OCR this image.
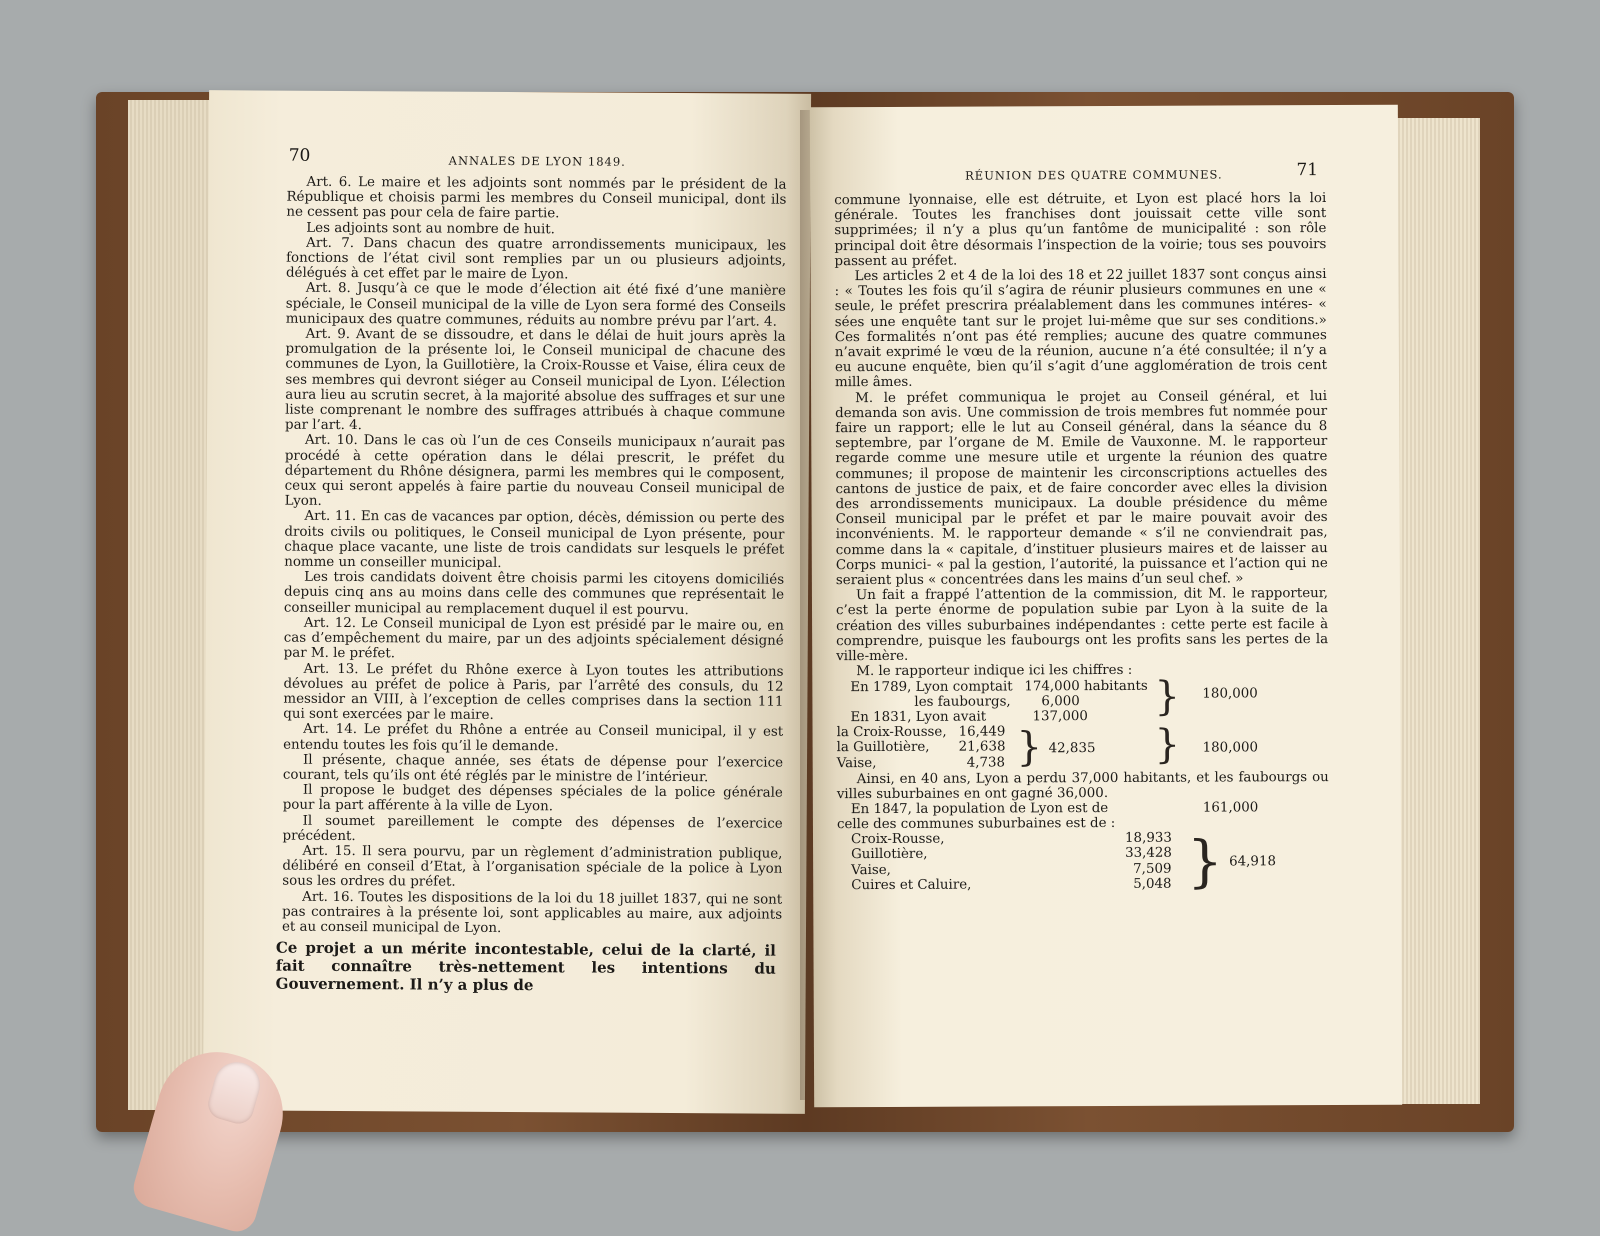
70	ANNALES DE LYON 1849.

Art. 6. Le maire et les adjoints sont nommés par le président de la République et choisis parmi les membres du Conseil municipal, dont ils ne cessent pas pour cela de faire partie.

Les adjoints sont au nombre de huit.

Art. 7. Dans chacun des quatre arrondissements municipaux, les fonctions de l’état civil sont remplies par un ou plusieurs adjoints, délégués à cet effet par le maire de Lyon.

Art. 8. Jusqu’à ce que le mode d’élection ait été fixé d’une manière spéciale, le Conseil municipal de la ville de Lyon sera formé des Conseils municipaux des quatre communes, réduits au nombre prévu par l’art. 4.

Art. 9. Avant de se dissoudre, et dans le délai de huit jours après la promulgation de la présente loi, le Conseil municipal de chacune des communes de Lyon, la Guillotière, la Croix-Rousse et Vaise, élira ceux de ses membres qui devront siéger au Conseil municipal de Lyon. L’élection aura lieu au scrutin secret, à la majorité absolue des suffrages et sur une liste comprenant le nombre des suffrages attribués à chaque commune par l’art. 4.

Art. 10. Dans le cas où l’un de ces Conseils municipaux n’aurait pas procédé à cette opération dans le délai prescrit, le préfet du département du Rhône désignera, parmi les membres qui le composent, ceux qui seront appelés à faire partie du nouveau Conseil municipal de Lyon.

Art. 11. En cas de vacances par option, décès, démission ou perte des droits civils ou politiques, le Conseil municipal de Lyon présente, pour chaque place vacante, une liste de trois candidats sur lesquels le préfet nomme un conseiller municipal.

Les trois candidats doivent être choisis parmi les citoyens domiciliés depuis cinq ans au moins dans celle des communes que représentait le conseiller municipal au remplacement duquel il est pourvu.

Art. 12. Le Conseil municipal de Lyon est présidé par le maire ou, en cas d’empêchement du maire, par un des adjoints spécialement désigné par M. le préfet.

Art. 13. Le préfet du Rhône exerce à Lyon toutes les attributions dévolues au préfet de police à Paris, par l’arrêté des consuls, du 12 messidor an VIII, à l’exception de celles comprises dans la section 111 qui sont exercées par le maire.

Art. 14. Le préfet du Rhône a entrée au Conseil municipal, il y est entendu toutes les fois qu’il le demande.

Il présente, chaque année, ses états de dépense pour l’exercice courant, tels qu’ils ont été réglés par le ministre de l’intérieur.

Il propose le budget des dépenses spéciales de la police générale pour la part afférente à la ville de Lyon.

Il soumet pareillement le compte des dépenses de l’exercice précédent.

Art. 15. Il sera pourvu, par un règlement d’administration publique, délibéré en conseil d’Etat, à l’organisation spéciale de la police à Lyon sous les ordres du préfet.

Art. 16. Toutes les dispositions de la loi du 18 juillet 1837, qui ne sont pas contraires à la présente loi, sont applicables au maire, aux adjoints et au conseil municipal de Lyon.

Ce projet a un mérite incontestable, celui de la clarté, il fait connaître très-nettement les intentions du Gouvernement. Il n’y a plus de
RÉUNION DES QUATRE COMMUNES.	71

commune lyonnaise, elle est détruite, et Lyon est placé hors la loi générale. Toutes les franchises dont jouissait cette ville sont supprimées; il n’y a plus qu’un fantôme de municipalité : son rôle principal doit être désormais l’inspection de la voirie; tous ses pouvoirs passent au préfet.

Les articles 2 et 4 de la loi des 18 et 22 juillet 1837 sont conçus ainsi : « Toutes les fois qu’il s’agira de réunir plusieurs communes en une « seule, le préfet prescrira préalablement dans les communes intéres- « sées une enquête tant sur le projet lui-même que sur ses conditions.» Ces formalités n’ont pas été remplies; aucune des quatre communes n’avait exprimé le vœu de la réunion, aucune n’a été consultée; il n’y a eu aucune enquête, bien qu’il s’agit d’une agglomération de trois cent mille âmes.

M. le préfet communiqua le projet au Conseil général, et lui demanda son avis. Une commission de trois membres fut nommée pour faire un rapport; elle le lut au Conseil général, dans la séance du 8 septembre, par l’organe de M. Emile de Vauxonne. M. le rapporteur regarde comme une mesure utile et urgente la réunion des quatre communes; il propose de maintenir les circonscriptions actuelles des cantons de justice de paix, et de faire concorder avec elles la division des arrondissements municipaux. La double présidence du même Conseil municipal par le préfet et par le maire pouvait avoir des inconvénients. M. le rapporteur demande « s’il ne conviendrait pas, comme dans la « capitale, d’instituer plusieurs maires et de laisser au Corps munici- « pal la gestion, l’autorité, la puissance et l’action qui ne seraient plus « concentrées dans les mains d’un seul chef. »

Un fait a frappé l’attention de la commission, dit M. le rapporteur, c’est la perte énorme de population subie par Lyon à la suite de la création des villes suburbaines indépendantes : cette perte est facile à comprendre, puisque les faubourgs ont les profits sans les pertes de la ville-mère.

M. le rapporteur indique ici les chiffres :

En 1789, Lyon comptait 174,000 habitants
les faubourgs, 6,000 } 180,000
En 1831, Lyon avait	137,000
la Croix-Rousse, 16,449
la Guillotière, 21,638
Vaise,	4,738 } 42,835 } 180,000

Ainsi, en 40 ans, Lyon a perdu 37,000 habitants, et les faubourgs ou villes suburbaines en ont gagné 36,000.

En 1847, la population de Lyon est de	161,000

celle des communes suburbaines est de :

Croix-Rousse,	18,933
Guillotière,	33,428
Vaise,	7,509
Cuires et Caluire,	5,048 } 64,918
